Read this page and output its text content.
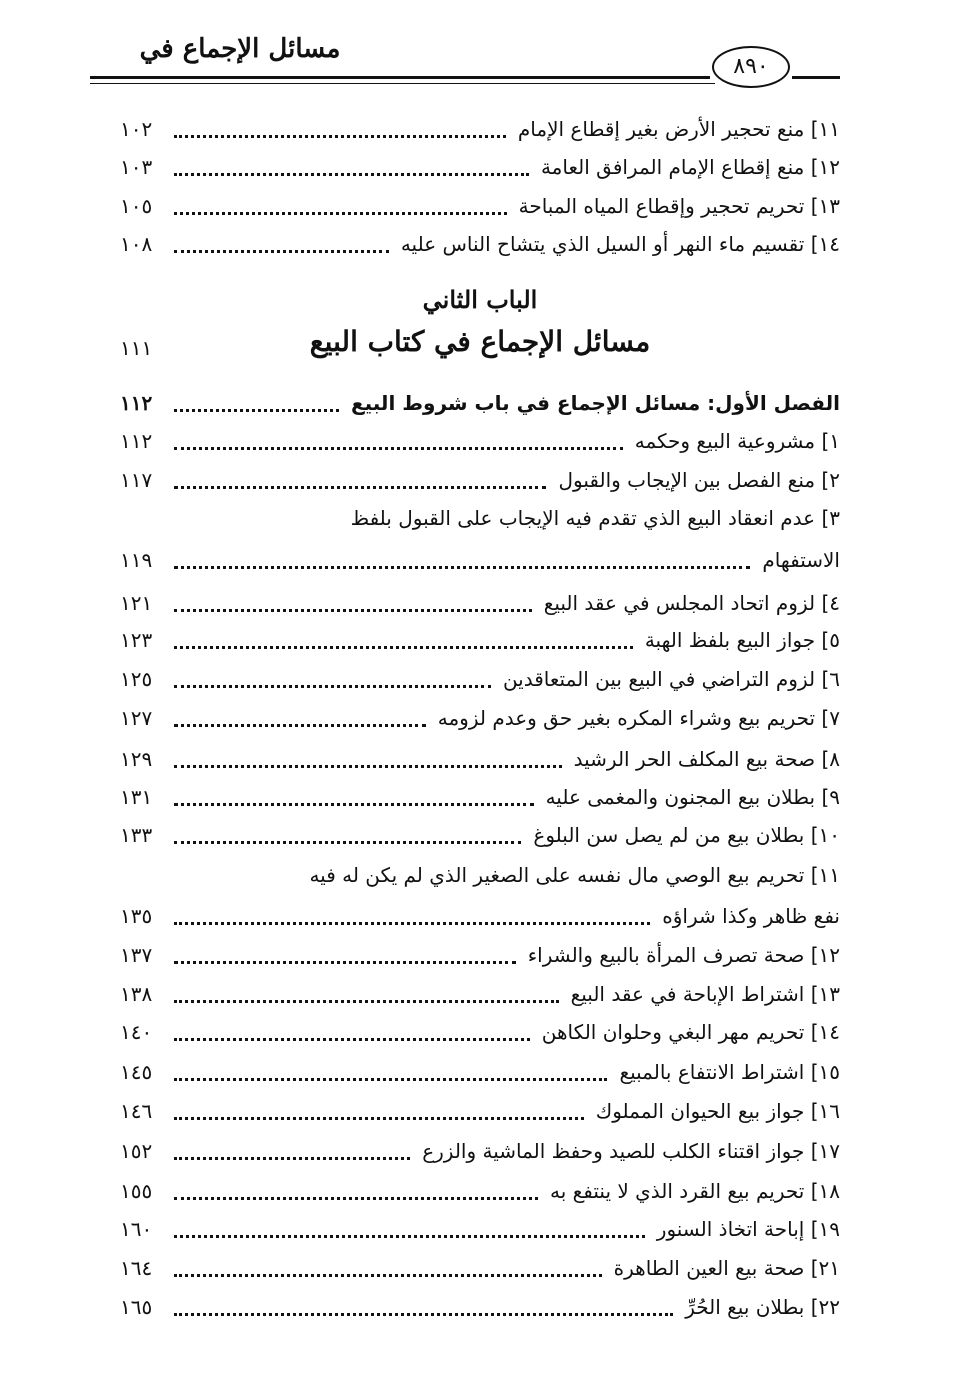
مسائل الإجماع في
٨٩٠
١١] منع تحجير الأرض بغير إقطاع الإمام
١٠٢
١٢] منع إقطاع الإمام المرافق العامة
١٠٣
١٣] تحريم تحجير وإقطاع المياه المباحة
١٠٥
١٤] تقسيم ماء النهر أو السيل الذي يتشاح الناس عليه
١٠٨
الباب الثاني
مسائل الإجماع في كتاب البيع
١١١
الفصل الأول: مسائل الإجماع في باب شروط البيع
١١٢
١] مشروعية البيع وحكمه
١١٢
٢] منع الفصل بين الإيجاب والقبول
١١٧
٣] عدم انعقاد البيع الذي تقدم فيه الإيجاب على القبول بلفظ
الاستفهام
١١٩
٤] لزوم اتحاد المجلس في عقد البيع
١٢١
٥] جواز البيع بلفظ الهبة
١٢٣
٦] لزوم التراضي في البيع بين المتعاقدين
١٢٥
٧] تحريم بيع وشراء المكره بغير حق وعدم لزومه
١٢٧
٨] صحة بيع المكلف الحر الرشيد
١٢٩
٩] بطلان بيع المجنون والمغمى عليه
١٣١
١٠] بطلان بيع من لم يصل سن البلوغ
١٣٣
١١] تحريم بيع الوصي مال نفسه على الصغير الذي لم يكن له فيه
نفع ظاهر وكذا شراؤه
١٣٥
١٢] صحة تصرف المرأة بالبيع والشراء
١٣٧
١٣] اشتراط الإباحة في عقد البيع
١٣٨
١٤] تحريم مهر البغي وحلوان الكاهن
١٤٠
١٥] اشتراط الانتفاع بالمبيع
١٤٥
١٦] جواز بيع الحيوان المملوك
١٤٦
١٧] جواز اقتناء الكلب للصيد وحفظ الماشية والزرع
١٥٢
١٨] تحريم بيع القرد الذي لا ينتفع به
١٥٥
١٩] إباحة اتخاذ السنور
١٦٠
٢١] صحة بيع العين الطاهرة
١٦٤
٢٢] بطلان بيع الحُرِّ
١٦٥
